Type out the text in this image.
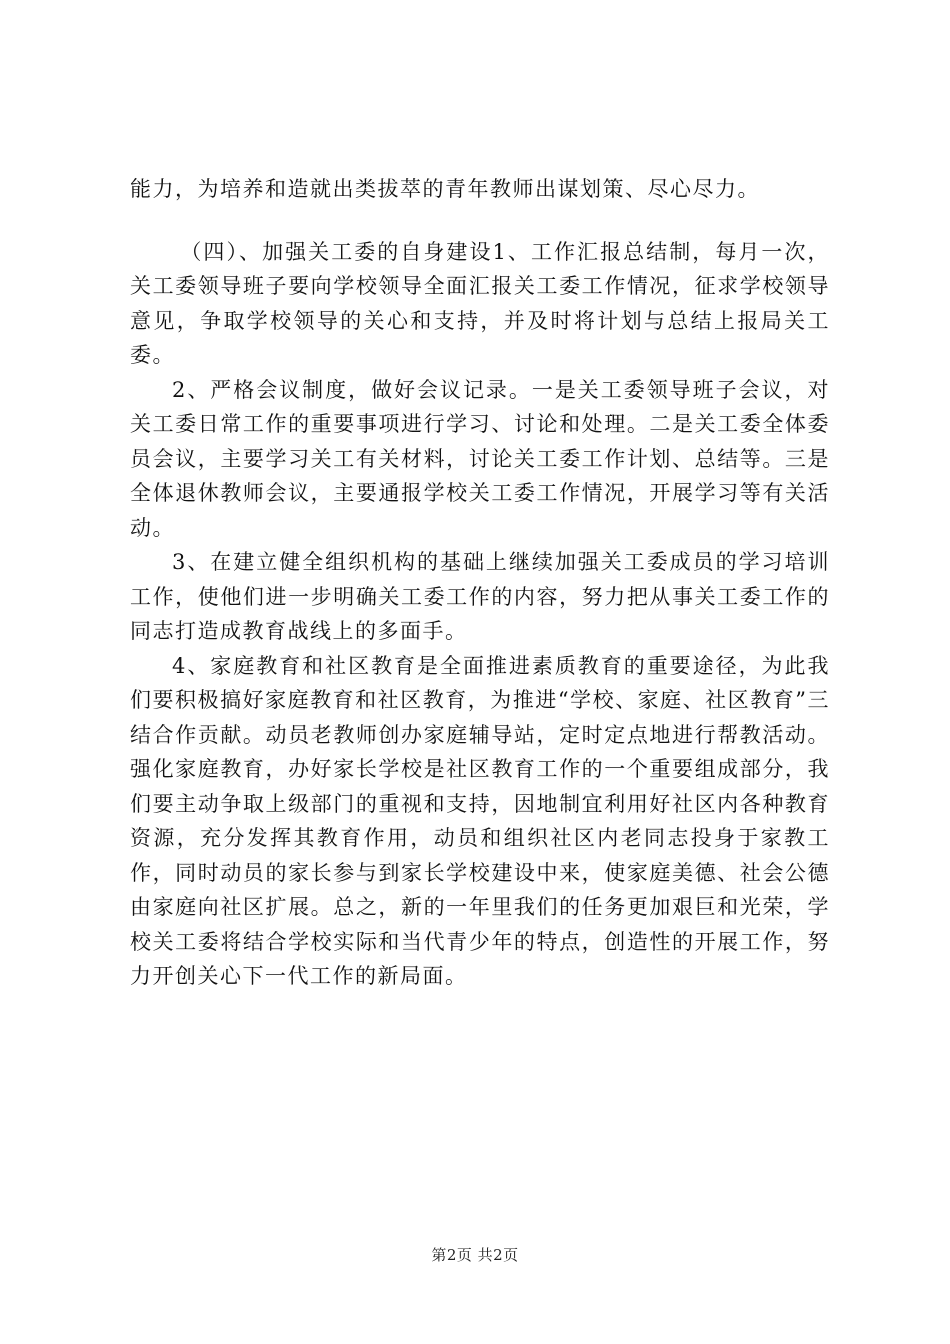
能力，为培养和造就出类拔萃的青年教师出谋划策、尽心尽力。

（四）、加强关工委的自身建设1、工作汇报总结制，每月一次，关工委领导班子要向学校领导全面汇报关工委工作情况，征求学校领导意见，争取学校领导的关心和支持，并及时将计划与总结上报局关工委。

2、严格会议制度，做好会议记录。一是关工委领导班子会议，对关工委日常工作的重要事项进行学习、讨论和处理。二是关工委全体委员会议，主要学习关工有关材料，讨论关工委工作计划、总结等。三是全体退休教师会议，主要通报学校关工委工作情况，开展学习等有关活动。

3、在建立健全组织机构的基础上继续加强关工委成员的学习培训工作，使他们进一步明确关工委工作的内容，努力把从事关工委工作的同志打造成教育战线上的多面手。

4、家庭教育和社区教育是全面推进素质教育的重要途径，为此我们要积极搞好家庭教育和社区教育，为推进“学校、家庭、社区教育”三结合作贡献。动员老教师创办家庭辅导站，定时定点地进行帮教活动。强化家庭教育，办好家长学校是社区教育工作的一个重要组成部分，我们要主动争取上级部门的重视和支持，因地制宜利用好社区内各种教育资源，充分发挥其教育作用，动员和组织社区内老同志投身于家教工作，同时动员的家长参与到家长学校建设中来，使家庭美德、社会公德由家庭向社区扩展。总之，新的一年里我们的任务更加艰巨和光荣，学校关工委将结合学校实际和当代青少年的特点，创造性的开展工作，努力开创关心下一代工作的新局面。

第2页 共2页
